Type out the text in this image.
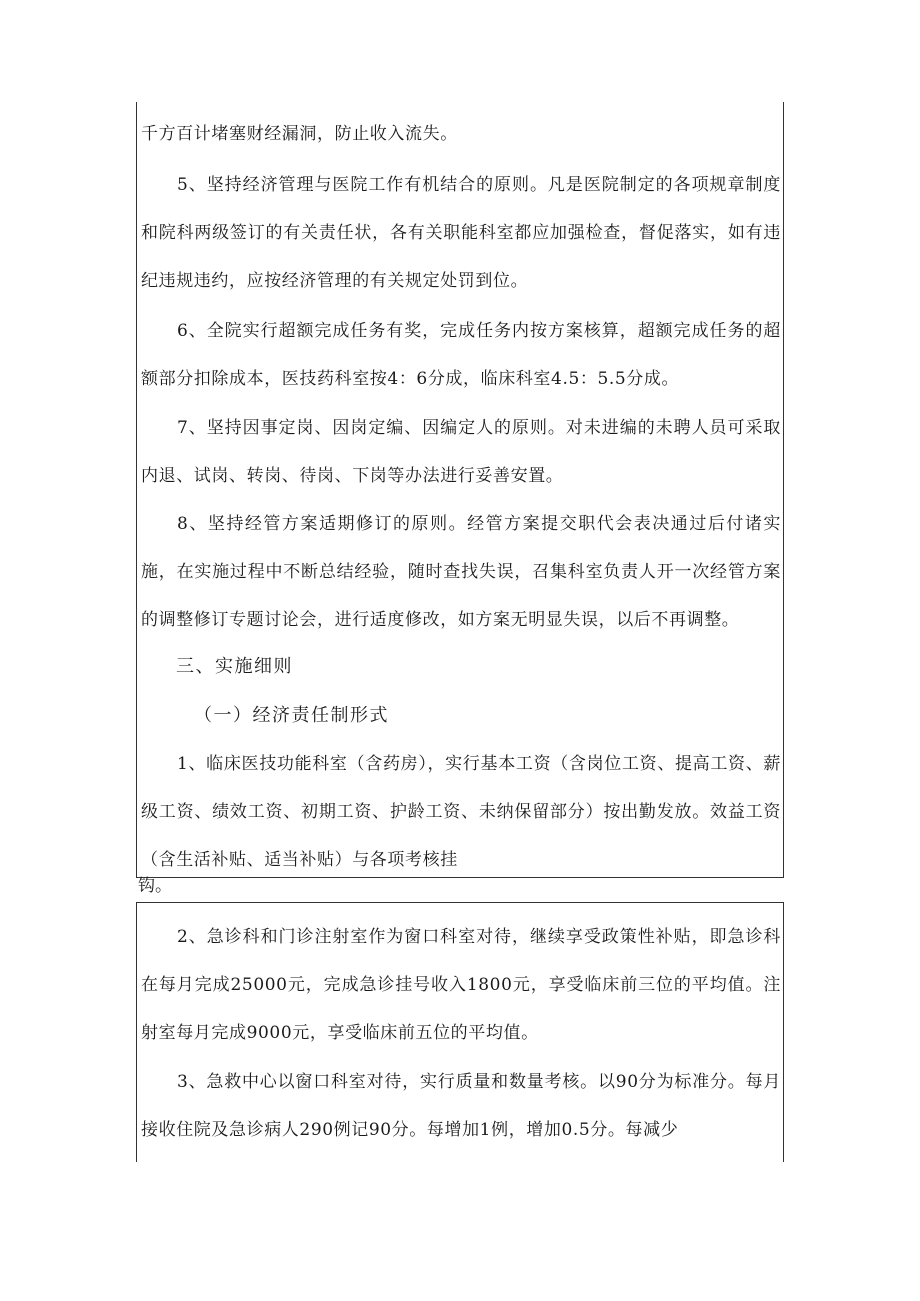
千方百计堵塞财经漏洞，防止收入流失。

5、坚持经济管理与医院工作有机结合的原则。凡是医院制定的各项规章制度和院科两级签订的有关责任状，各有关职能科室都应加强检查，督促落实，如有违纪违规违约，应按经济管理的有关规定处罚到位。

6、全院实行超额完成任务有奖，完成任务内按方案核算，超额完成任务的超额部分扣除成本，医技药科室按4：6分成，临床科室4.5：5.5分成。

7、坚持因事定岗、因岗定编、因编定人的原则。对未进编的未聘人员可采取内退、试岗、转岗、待岗、下岗等办法进行妥善安置。

8、坚持经管方案适期修订的原则。经管方案提交职代会表决通过后付诸实施，在实施过程中不断总结经验，随时查找失误，召集科室负责人开一次经管方案的调整修订专题讨论会，进行适度修改，如方案无明显失误，以后不再调整。

三、实施细则
（一）经济责任制形式

1、临床医技功能科室（含药房），实行基本工资（含岗位工资、提高工资、薪级工资、绩效工资、初期工资、护龄工资、未纳保留部分）按出勤发放。效益工资（含生活补贴、适当补贴）与各项考核挂

钩。

2、急诊科和门诊注射室作为窗口科室对待，继续享受政策性补贴，即急诊科在每月完成25000元，完成急诊挂号收入1800元，享受临床前三位的平均值。注射室每月完成9000元，享受临床前五位的平均值。

3、急救中心以窗口科室对待，实行质量和数量考核。以90分为标准分。每月接收住院及急诊病人290例记90分。每增加1例，增加0.5分。每减少
